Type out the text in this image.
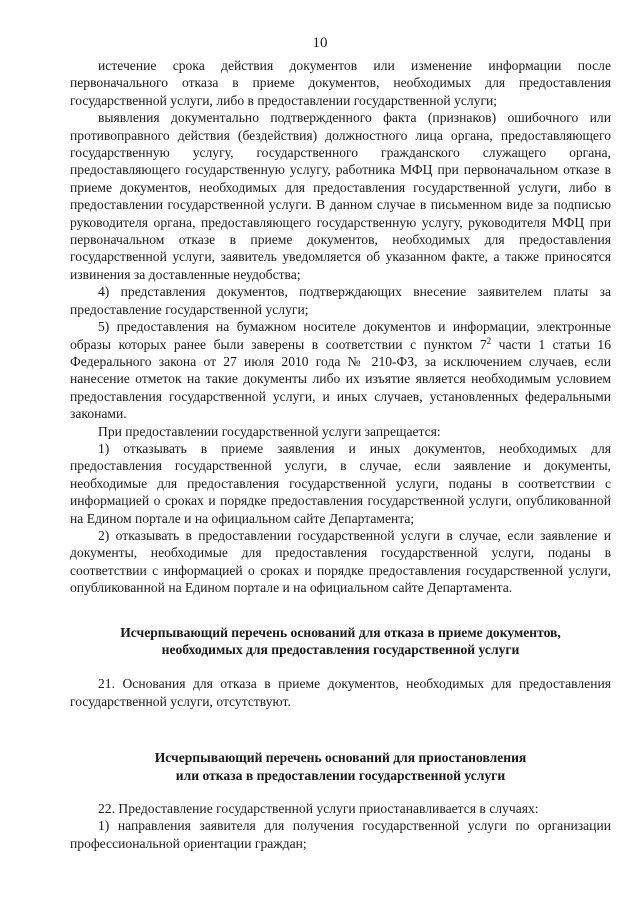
10

истечение срока действия документов или изменение информации после первоначального отказа в приеме документов, необходимых для предоставления государственной услуги, либо в предоставлении государственной услуги;

выявления документально подтвержденного факта (признаков) ошибочного или противоправного действия (бездействия) должностного лица органа, предоставляющего государственную услугу, государственного гражданского служащего органа, предоставляющего государственную услугу, работника МФЦ при первоначальном отказе в приеме документов, необходимых для предоставления государственной услуги, либо в предоставлении государственной услуги. В данном случае в письменном виде за подписью руководителя органа, предоставляющего государственную услугу, руководителя МФЦ при первоначальном отказе в приеме документов, необходимых для предоставления государственной услуги, заявитель уведомляется об указанном факте, а также приносятся извинения за доставленные неудобства;

4) представления документов, подтверждающих внесение заявителем платы за предоставление государственной услуги;

5) предоставления на бумажном носителе документов и информации, электронные образы которых ранее были заверены в соответствии с пунктом $7^2$ части 1 статьи 16 Федерального закона от 27 июля 2010 года № 210-ФЗ, за исключением случаев, если нанесение отметок на такие документы либо их изъятие является необходимым условием предоставления государственной услуги, и иных случаев, установленных федеральными законами.

При предоставлении государственной услуги запрещается:

1) отказывать в приеме заявления и иных документов, необходимых для предоставления государственной услуги, в случае, если заявление и документы, необходимые для предоставления государственной услуги, поданы в соответствии с информацией о сроках и порядке предоставления государственной услуги, опубликованной на Едином портале и на официальном сайте Департамента;

2) отказывать в предоставлении государственной услуги в случае, если заявление и документы, необходимые для предоставления государственной услуги, поданы в соответствии с информацией о сроках и порядке предоставления государственной услуги, опубликованной на Едином портале и на официальном сайте Департамента.

Исчерпывающий перечень оснований для отказа в приеме документов,
необходимых для предоставления государственной услуги

21. Основания для отказа в приеме документов, необходимых для предоставления государственной услуги, отсутствуют.

Исчерпывающий перечень оснований для приостановления
или отказа в предоставлении государственной услуги

22. Предоставление государственной услуги приостанавливается в случаях:

1) направления заявителя для получения государственной услуги по организации профессиональной ориентации граждан;
